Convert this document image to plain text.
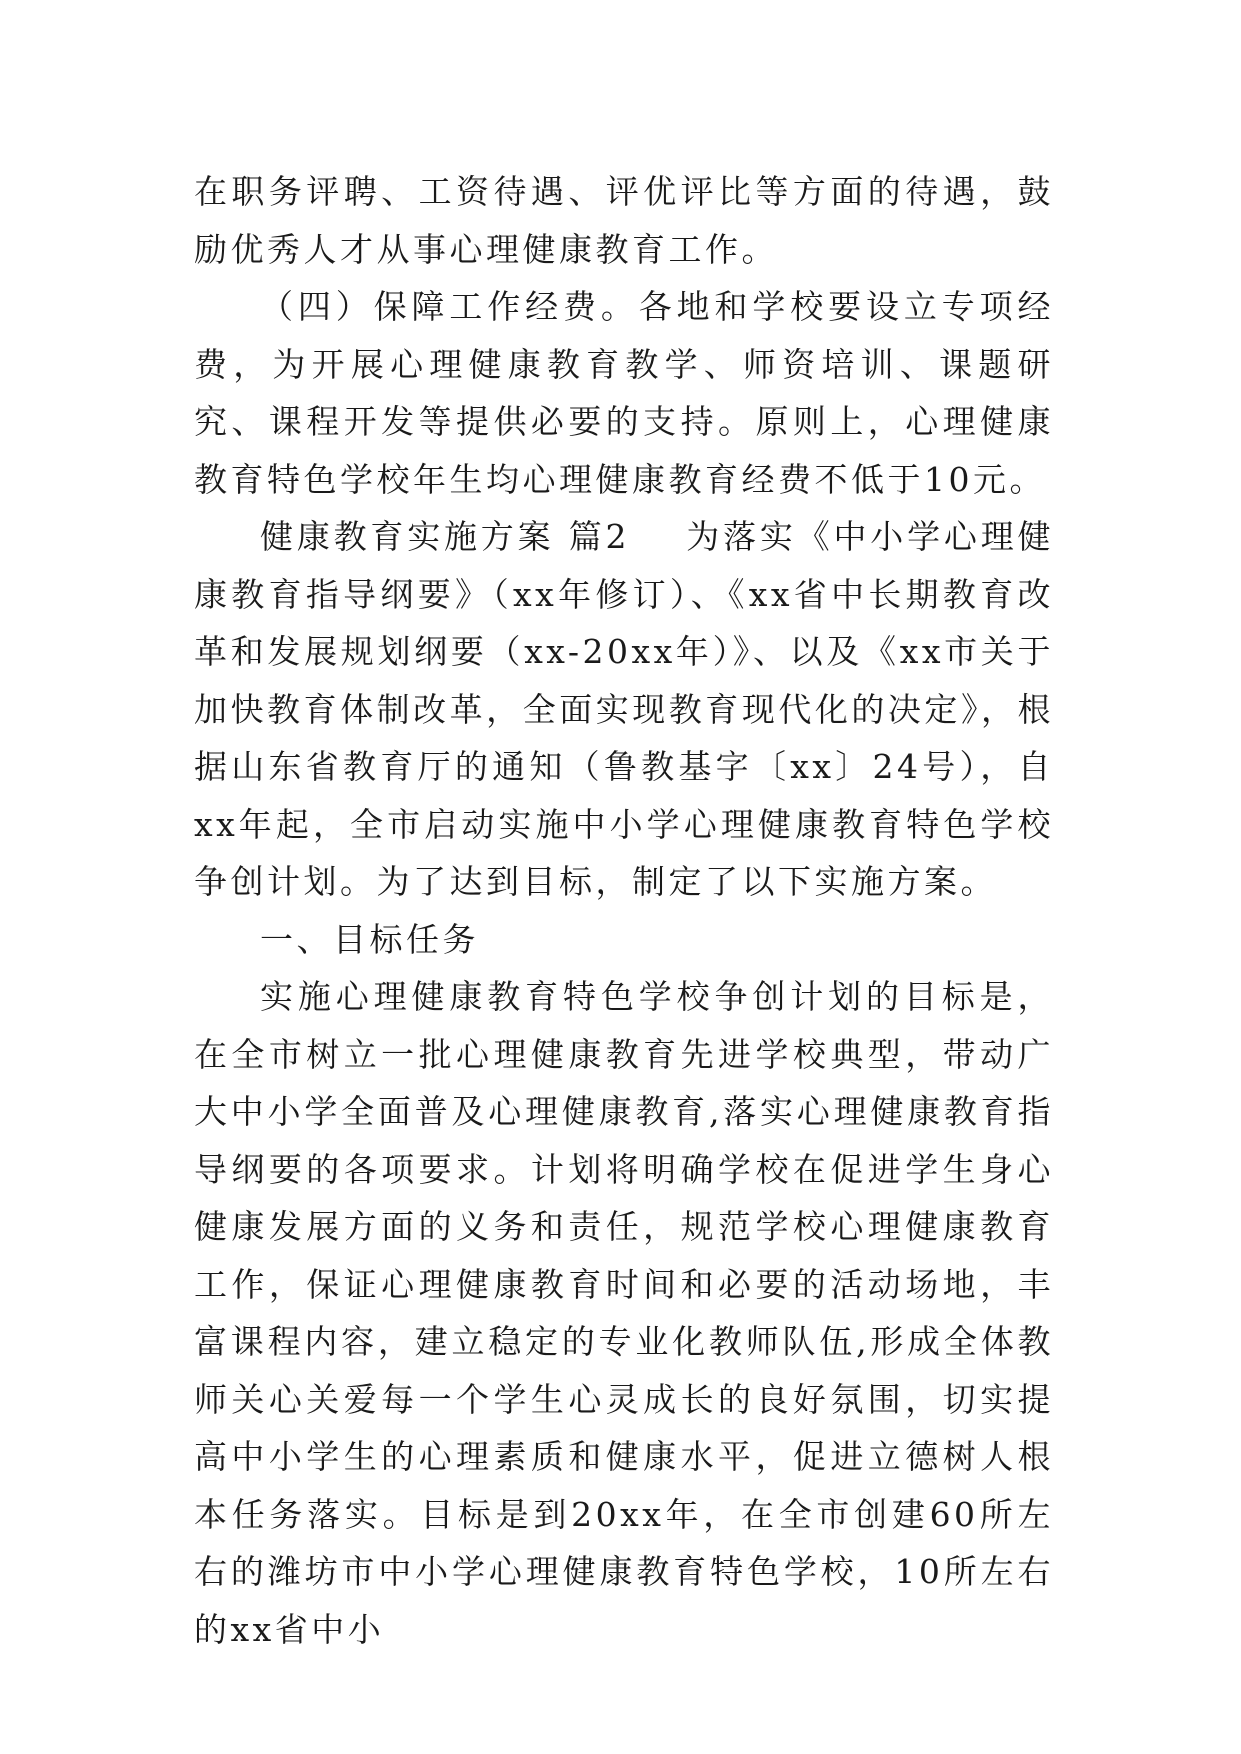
在职务评聘、工资待遇、评优评比等方面的待遇，鼓励优秀人才从事心理健康教育工作。

（四）保障工作经费。各地和学校要设立专项经费，为开展心理健康教育教学、师资培训、课题研究、课程开发等提供必要的支持。原则上，心理健康教育特色学校年生均心理健康教育经费不低于10元。

健康教育实施方案 篇2 为落实《中小学心理健康教育指导纲要》（xx年修订）、《xx省中长期教育改革和发展规划纲要（xx-20xx年）》、以及《xx市关于加快教育体制改革，全面实现教育现代化的决定》，根据山东省教育厅的通知（鲁教基字〔xx〕24号），自xx年起，全市启动实施中小学心理健康教育特色学校争创计划。为了达到目标，制定了以下实施方案。

一、目标任务

实施心理健康教育特色学校争创计划的目标是，在全市树立一批心理健康教育先进学校典型，带动广大中小学全面普及心理健康教育,落实心理健康教育指导纲要的各项要求。计划将明确学校在促进学生身心健康发展方面的义务和责任，规范学校心理健康教育工作，保证心理健康教育时间和必要的活动场地，丰富课程内容，建立稳定的专业化教师队伍,形成全体教师关心关爱每一个学生心灵成长的良好氛围，切实提高中小学生的心理素质和健康水平，促进立德树人根本任务落实。目标是到20xx年，在全市创建60所左右的潍坊市中小学心理健康教育特色学校，10所左右的xx省中小
